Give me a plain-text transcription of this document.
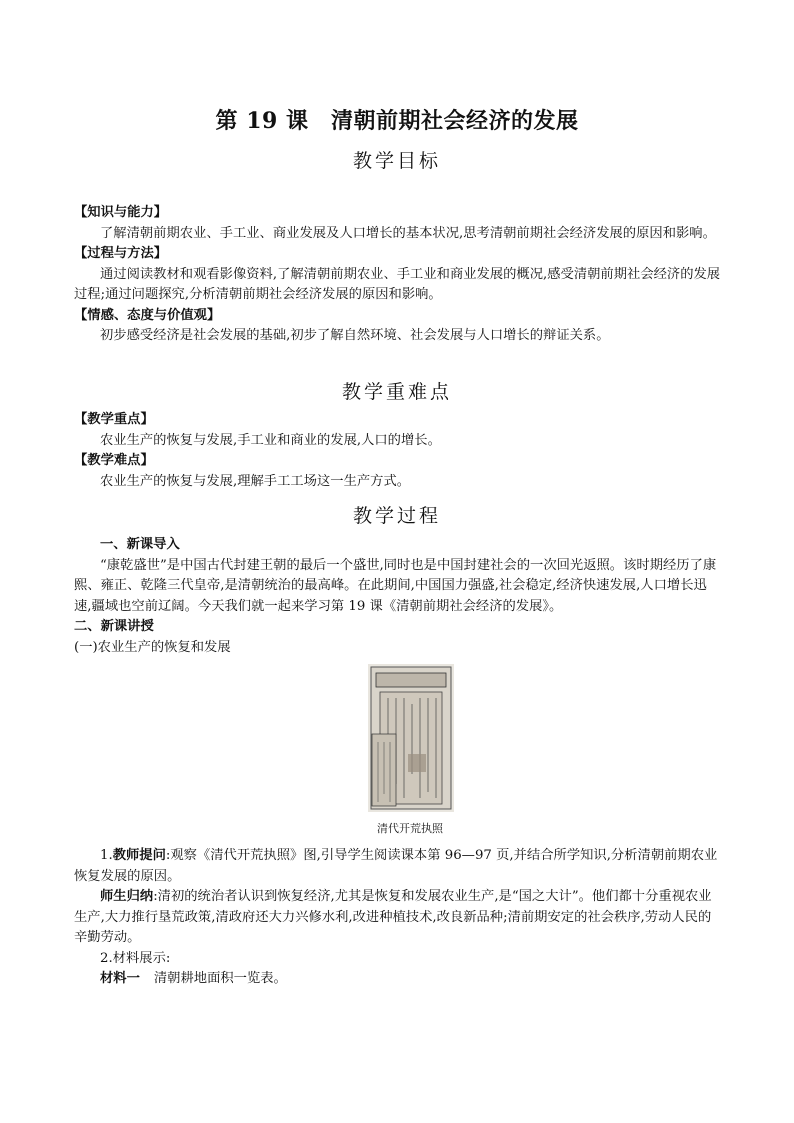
第 19 课　清朝前期社会经济的发展
教学目标
【知识与能力】
了解清朝前期农业、手工业、商业发展及人口增长的基本状况,思考清朝前期社会经济发展的原因和影响。
【过程与方法】
通过阅读教材和观看影像资料,了解清朝前期农业、手工业和商业发展的概况,感受清朝前期社会经济的发展过程;通过问题探究,分析清朝前期社会经济发展的原因和影响。
【情感、态度与价值观】
初步感受经济是社会发展的基础,初步了解自然环境、社会发展与人口增长的辩证关系。
教学重难点
【教学重点】
农业生产的恢复与发展,手工业和商业的发展,人口的增长。
【教学难点】
农业生产的恢复与发展,理解手工工场这一生产方式。
教学过程
一、新课导入
“康乾盛世”是中国古代封建王朝的最后一个盛世,同时也是中国封建社会的一次回光返照。该时期经历了康熙、雍正、乾隆三代皇帝,是清朝统治的最高峰。在此期间,中国国力强盛,社会稳定,经济快速发展,人口增长迅速,疆域也空前辽阔。今天我们就一起来学习第 19 课《清朝前期社会经济的发展》。
二、新课讲授
(一)农业生产的恢复和发展
清代开荒执照
1.教师提问:观察《清代开荒执照》图,引导学生阅读课本第 96—97 页,并结合所学知识,分析清朝前期农业恢复发展的原因。
师生归纳:清初的统治者认识到恢复经济,尤其是恢复和发展农业生产,是“国之大计”。他们都十分重视农业生产,大力推行垦荒政策,清政府还大力兴修水利,改进种植技术,改良新品种;清前期安定的社会秩序,劳动人民的辛勤劳动。
2.材料展示:
材料一 清朝耕地面积一览表。
